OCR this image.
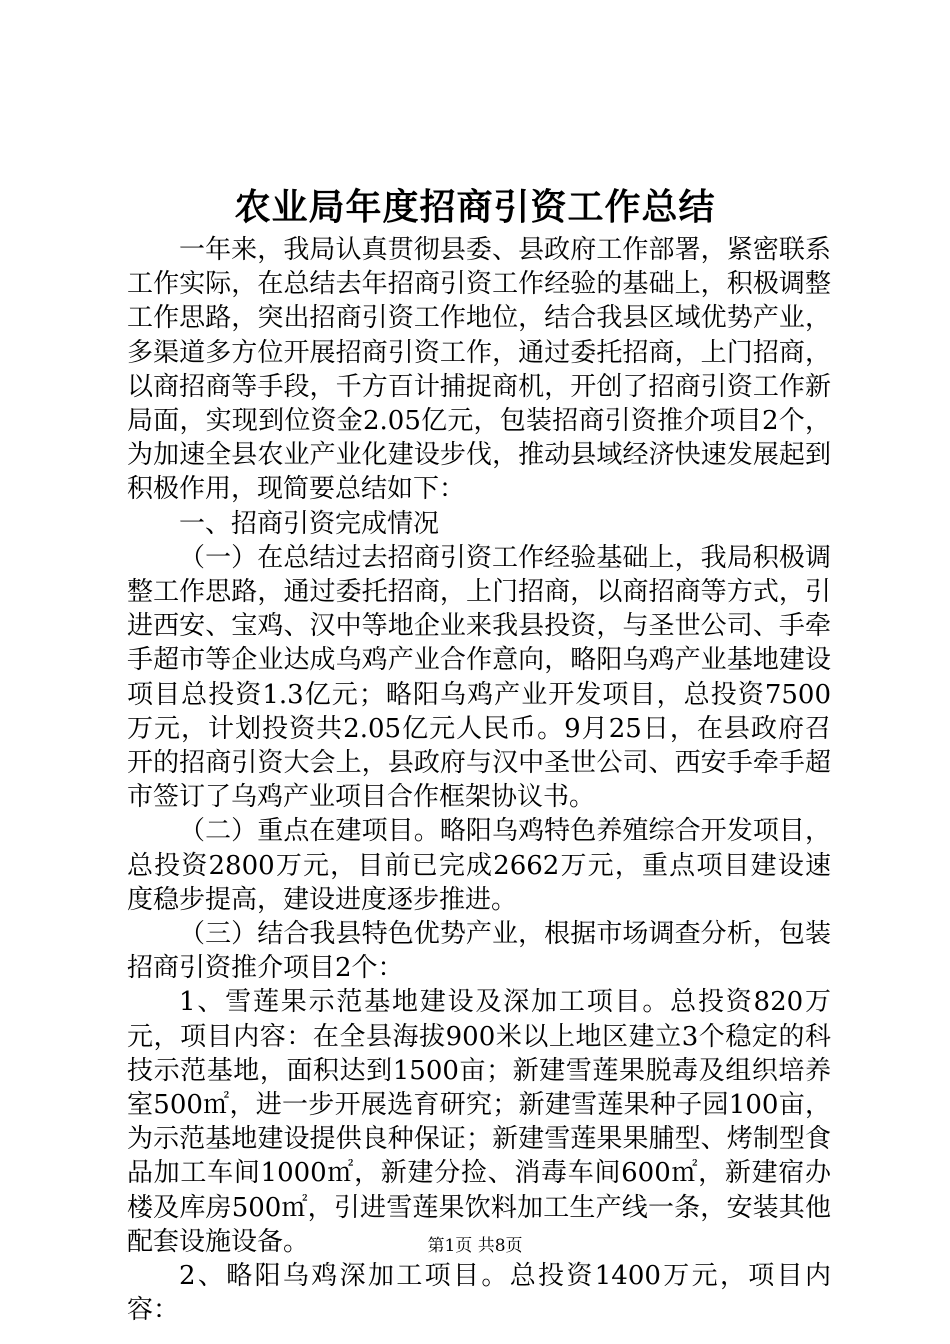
农业局年度招商引资工作总结

一年来，我局认真贯彻县委、县政府工作部署，紧密联系工作实际，在总结去年招商引资工作经验的基础上，积极调整工作思路，突出招商引资工作地位，结合我县区域优势产业，多渠道多方位开展招商引资工作，通过委托招商，上门招商，以商招商等手段，千方百计捕捉商机，开创了招商引资工作新局面，实现到位资金2.05亿元，包装招商引资推介项目2个，为加速全县农业产业化建设步伐，推动县域经济快速发展起到积极作用，现简要总结如下：

一、招商引资完成情况

（一）在总结过去招商引资工作经验基础上，我局积极调整工作思路，通过委托招商，上门招商，以商招商等方式，引进西安、宝鸡、汉中等地企业来我县投资，与圣世公司、手牵手超市等企业达成乌鸡产业合作意向，略阳乌鸡产业基地建设项目总投资1.3亿元；略阳乌鸡产业开发项目，总投资7500万元，计划投资共2.05亿元人民币。9月25日，在县政府召开的招商引资大会上，县政府与汉中圣世公司、西安手牵手超市签订了乌鸡产业项目合作框架协议书。

（二）重点在建项目。略阳乌鸡特色养殖综合开发项目，总投资2800万元，目前已完成2662万元，重点项目建设速度稳步提高，建设进度逐步推进。

（三）结合我县特色优势产业，根据市场调查分析，包装招商引资推介项目2个：

1、雪莲果示范基地建设及深加工项目。总投资820万元，项目内容：在全县海拔900米以上地区建立3个稳定的科技示范基地，面积达到1500亩；新建雪莲果脱毒及组织培养室500㎡，进一步开展选育研究；新建雪莲果种子园100亩，为示范基地建设提供良种保证；新建雪莲果果脯型、烤制型食品加工车间1000㎡，新建分捡、消毒车间600㎡，新建宿办楼及库房500㎡，引进雪莲果饮料加工生产线一条，安装其他配套设施设备。

2、略阳乌鸡深加工项目。总投资1400万元，项目内容：

第1页 共8页
